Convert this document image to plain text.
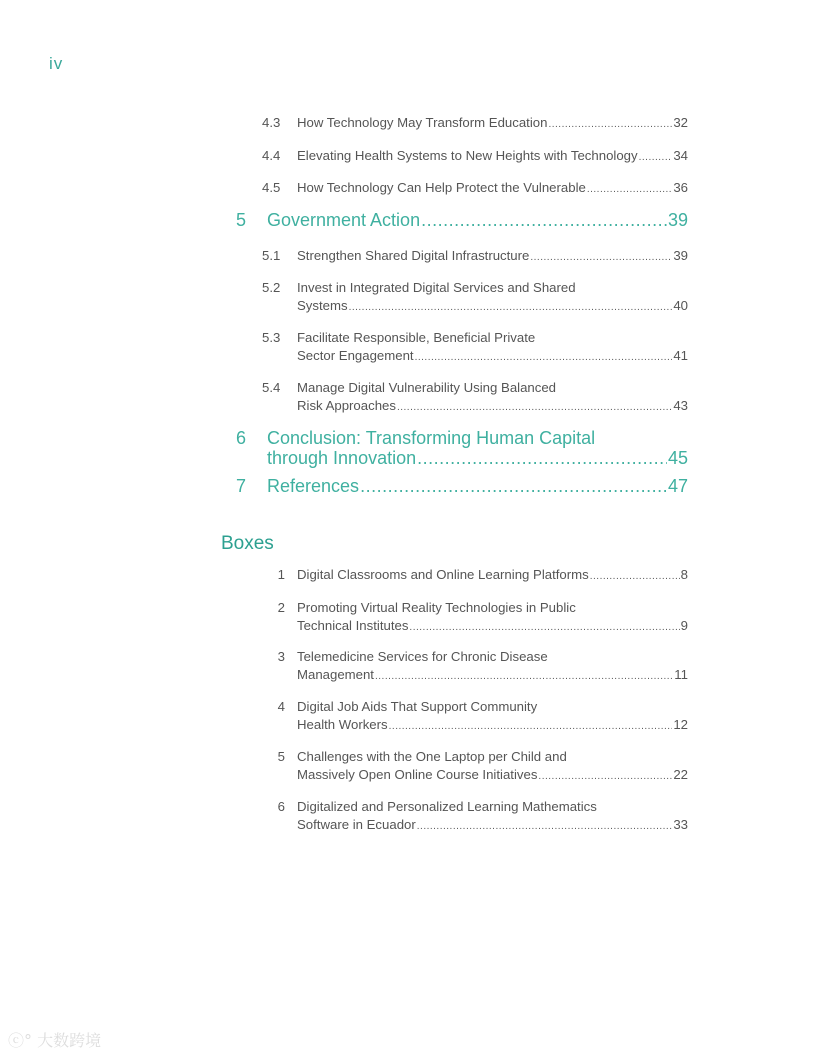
iv
4.3	How Technology May Transform Education .....	32
4.4	Elevating Health Systems to New Heights with Technology .....	34
4.5	How Technology Can Help Protect the Vulnerable .....	36
5	Government Action .....	39
5.1	Strengthen Shared Digital Infrastructure .....	39
5.2	Invest in Integrated Digital Services and Shared
Systems .....	40
5.3	Facilitate Responsible, Beneficial Private
Sector Engagement .....	41
5.4	Manage Digital Vulnerability Using Balanced
Risk Approaches .....	43
6	Conclusion: Transforming Human Capital
through Innovation .....	45
7	References .....	47
Boxes
1 Digital Classrooms and Online Learning Platforms .....	8
2 Promoting Virtual Reality Technologies in Public
Technical Institutes .....	9
3 Telemedicine Services for Chronic Disease
Management .....	11
4 Digital Job Aids That Support Community
Health Workers .....	12
5 Challenges with the One Laptop per Child and
Massively Open Online Course Initiatives .....	22
6 Digitalized and Personalized Learning Mathematics
Software in Ecuador .....	33
ⓒ° 大数跨境
